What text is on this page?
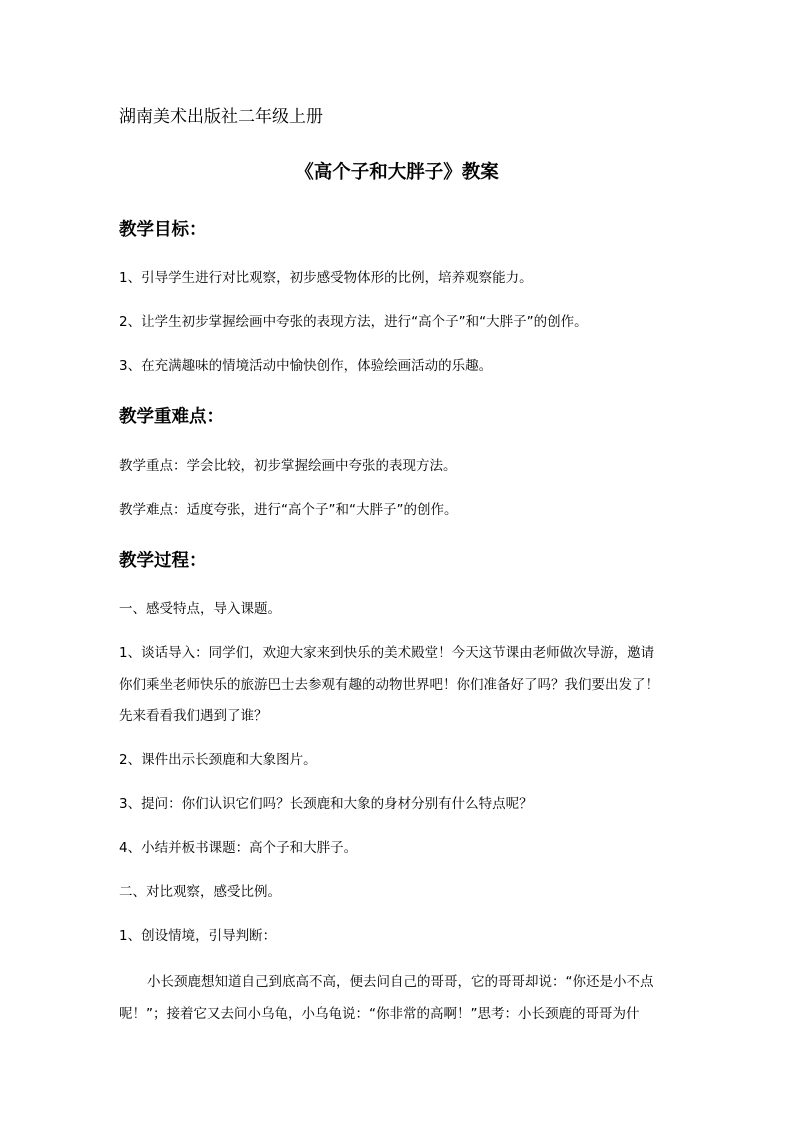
湖南美术出版社二年级上册
《高个子和大胖子》教案
教学目标：
1、引导学生进行对比观察，初步感受物体形的比例，培养观察能力。
2、让学生初步掌握绘画中夸张的表现方法，进行“高个子”和“大胖子”的创作。
3、在充满趣味的情境活动中愉快创作，体验绘画活动的乐趣。
教学重难点：
教学重点：学会比较，初步掌握绘画中夸张的表现方法。
教学难点：适度夸张，进行“高个子”和“大胖子”的创作。
教学过程：
一、感受特点，导入课题。
1、谈话导入：同学们，欢迎大家来到快乐的美术殿堂！今天这节课由老师做次导游，邀请
你们乘坐老师快乐的旅游巴士去参观有趣的动物世界吧！你们准备好了吗？我们要出发了！
先来看看我们遇到了谁？
2、课件出示长颈鹿和大象图片。
3、提问：你们认识它们吗？长颈鹿和大象的身材分别有什么特点呢？
4、小结并板书课题：高个子和大胖子。
二、对比观察，感受比例。
1、创设情境，引导判断：
小长颈鹿想知道自己到底高不高，便去问自己的哥哥，它的哥哥却说：“你还是小不点
呢！”；接着它又去问小乌龟，小乌龟说：“你非常的高啊！”思考：小长颈鹿的哥哥为什
